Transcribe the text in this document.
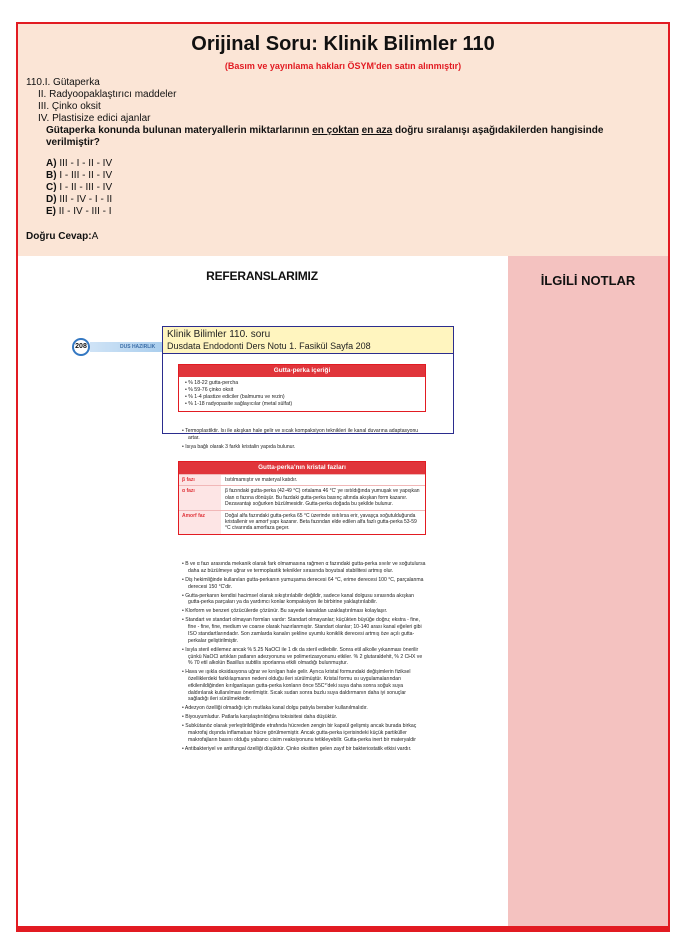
Orijinal Soru: Klinik Bilimler 110
(Basım ve yayınlama hakları ÖSYM'den satın alınmıştır)
110.I. Gütaperka
II. Radyoopaklaştırıcı maddeler
III. Çinko oksit
IV. Plastisize edici ajanlar
Gütaperka konunda bulunan materyallerin miktarlarının en çoktan en aza doğru sıralanışı aşağıdakilerden hangisinde verilmiştir?
A) III - I - II - IV
B) I - III - II - IV
C) I - II - III - IV
D) III - IV - I - II
E) II - IV - III - I
Doğru Cevap:A
REFERANSLARIMIZ
DUS HAZIRLIK
208
Gutta-perka içeriği
• % 18-22 gutta-percha
• % 59-76 çinko oksit
• % 1-4 plastize ediciler (balmumu ve rezin)
• % 1-18 radyopasite sağlayıcılar (metal sülfat)

• Termoplastiktir. Isı ile akışkan hale gelir ve sıcak kompaksiyon teknikleri ile kanal duvarına adaptasyonu artar.

• Isıya bağlı olarak 3 farklı kristalin yapıda bulunur.

Gutta-perka'nın kristal fazları
β fazı	Isıtılmamıştır ve materyal katıdır.
α fazı	β fazındaki gutta-perka (42-49 °C) ortalama 46 °C' ye ısıtıldığında yumuşak ve yapışkan olan α fazına dönüşür. Bu fazdaki gutta-perka basınç altında akışkan form kazanır. Dezavantajı soğurken büzülmesidir. Gutta-perka doğada bu şekilde bulunur.
Amorf faz	Doğal alfa fazındaki gutta-perka 65 °C üzerinde ısıtılırsa erir, yavaşça soğutulduğunda kristallenir ve amorf yapı kazanır. Beta fazından elde edilen alfa fazlı gutta-perka 53-59 °C civarında amorfaza geçer.

• B ve α fazı arasında mekanik olarak fark olmamasına rağmen α fazındaki gutta-perka sıvılır ve soğutulursa daha az büzülmeye uğrar ve termoplastik teknikler sırasında boyutsal stabilitesi artmış olur.

• Diş hekimliğinde kullanılan gutta-perkanın yumuşama derecesi 64 °C, erime derecesi 100 °C, parçalanma derecesi 150 °C'dir.

• Gutta-perkanın kendisi hacimsel olarak sıkıştırılabilir değildir, sadece kanal dolgusu sırasında akışkan gutta-perka parçaları ya da yardımcı konlar kompaksiyon ile birbirine yaklaştırılabilir.

• Klorform ve benzeri çözücülerde çözünür. Bu sayede kanaldan uzaklaştırılması kolaylaşır.

• Standart ve standart olmayan formları vardır: Standart olmayanlar; küçükten büyüğe doğru; ekstra - fine, fine - fine, fine, medium ve coarse olarak hazırlanmıştır. Standart olanlar; 10-140 arası kanal eğeleri gibi ISO standartlarındadır. Son zamlarda kanalın şekline uyumlu koniklik derecesi artmış öze açılı gutta-perkalar geliştirilmiştir.

• Isıyla steril edilemez ancak % 5.25 NaOCl ile 1 dk da steril edilebilir. Sonra etil alkolle yıkanması önerilir çünkü NaOCl artıkları patlanın adezyonunu ve polimerizasyonunu etkiler. % 2 glutaraldehit, % 2 CHX ve % 70 etil alkolün Basillus subtilis sporlanna etkili olmadığı bulunmuştur.

• Hava ve ışıkla oksidasyona uğrar ve kırılgan hale gelir. Ayrıca kristal formundaki değişimlerin fiziksel özelliklerdeki farklılaşmanın nedeni olduğu ileri sürülmüştür. Kristal formu ısı uygulamalarından etkilenildiğinden kırılganlaşan gutta-perka konların önce 55C°'deki suya daha sonra soğuk suya daldırılarak kullanılması önerilmiştir. Sıcak sudan sonra buzlu suya daldırmanın daha iyi sonuçlar sağladığı ileri sürülmektedir.

• Adezyon özelliği olmadığı için mutlaka kanal dolgu patıyla beraber kullanılmalıdır.

• Biyouyumludur. Patlarla karşılaştırıldığına toksisitesi daha düşüktür.

• Subkütanöz olarak yerleştirildiğinde etrafında hücreden zengin bir kapsül gelişmiş ancak burada birkaç makrofaj dışında inflamatuar hücre görülmemiştir. Ancak gutta-perka içerisindeki küçük partiküller makrofajların basını olduğu yabancı cisim reaksiyonunu tetikleyebilir. Gutta-perka inert bir materyaldir

• Antibakteriyel ve antifungal özelliği düşüktür. Çinko oksitten gelen zayıf bir bakteriostatik etkisi vardır.

Klinik Bilimler 110. soru
Dusdata Endodonti Ders Notu 1. Fasikül Sayfa 208
İLGİLİ NOTLAR
